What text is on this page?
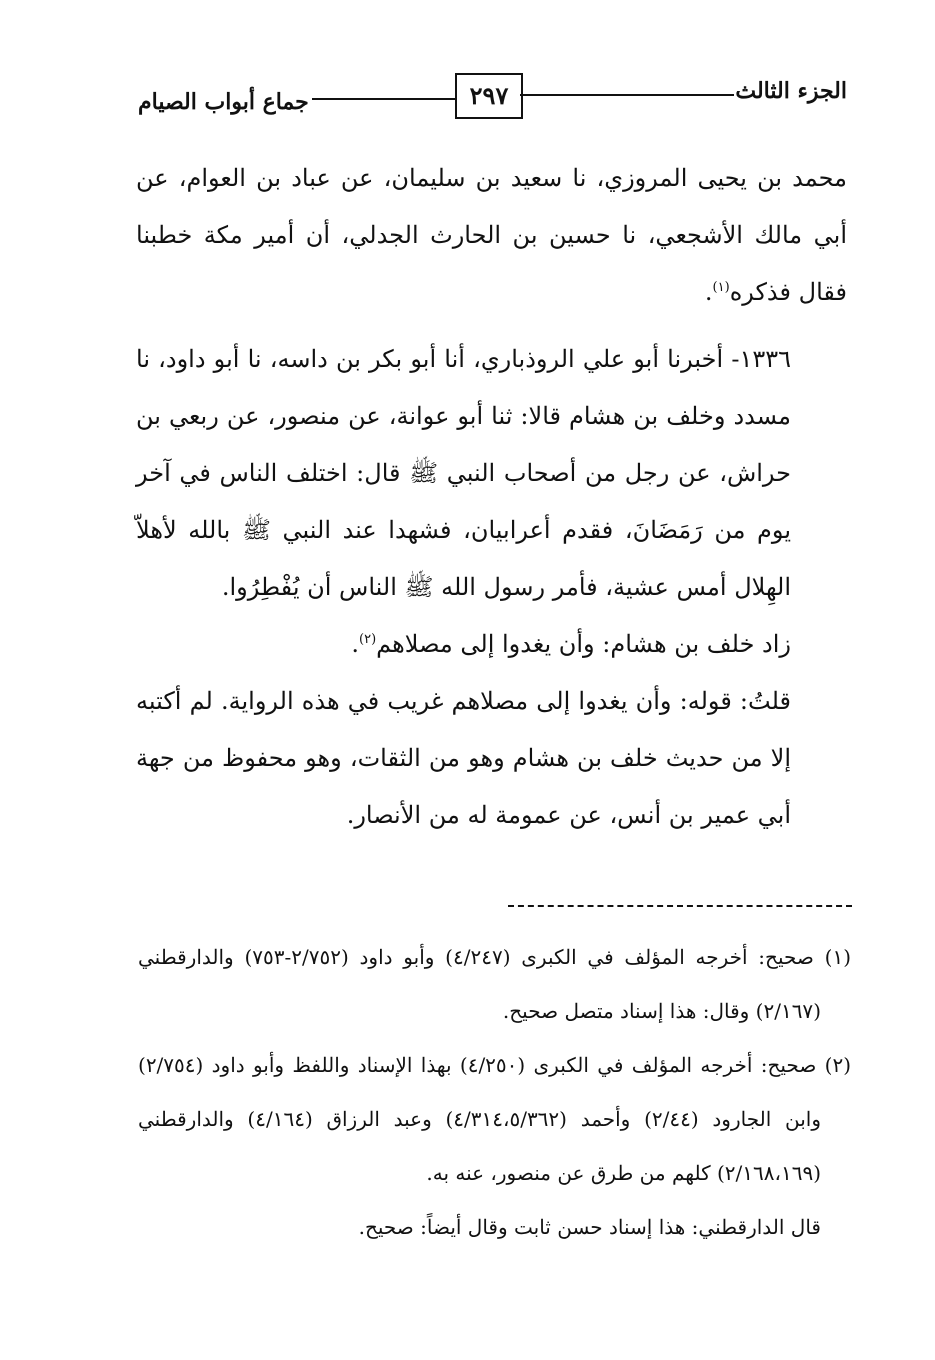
الجزء الثالث
٢٩٧
جماع أبواب الصيام

محمد بن يحيى المروزي، نا سعيد بن سليمان، عن عباد بن العوام، عن أبي مالك الأشجعي، نا حسين بن الحارث الجدلي، أن أمير مكة خطبنا فقال فذكره$^{(١)}$.

١٣٣٦- أخبرنا أبو علي الروذباري، أنا أبو بكر بن داسه، نا أبو داود، نا مسدد وخلف بن هشام قالا: ثنا أبو عوانة، عن منصور، عن ربعي بن حراش، عن رجل من أصحاب النبي ﷺ قال: اختلف الناس في آخر يوم من رَمَضَانَ، فقدم أعرابيان، فشهدا عند النبي ﷺ بالله لأهلاّ الهِلال أمس عشية، فأمر رسول الله ﷺ الناس أن يُفْطِرُوا.

زاد خلف بن هشام: وأن يغدوا إلى مصلاهم$^{(٢)}$.

قلتُ: قوله: وأن يغدوا إلى مصلاهم غريب في هذه الرواية. لم أكتبه إلا من حديث خلف بن هشام وهو من الثقات، وهو محفوظ من جهة أبي عمير بن أنس، عن عمومة له من الأنصار.

(١) صحيح: أخرجه المؤلف في الكبرى (٤/٢٤٧) وأبو داود (٢/٧٥٢-٧٥٣) والدارقطني (٢/١٦٧) وقال: هذا إسناد متصل صحيح.

(٢) صحيح: أخرجه المؤلف في الكبرى (٤/٢٥٠) بهذا الإسناد واللفظ وأبو داود (٢/٧٥٤) وابن الجارود (٢/٤٤) وأحمد (٤/٣١٤،٥/٣٦٢) وعبد الرزاق (٤/١٦٤) والدارقطني (٢/١٦٨،١٦٩) كلهم من طرق عن منصور، عنه به.

قال الدارقطني: هذا إسناد حسن ثابت وقال أيضاً: صحيح.
